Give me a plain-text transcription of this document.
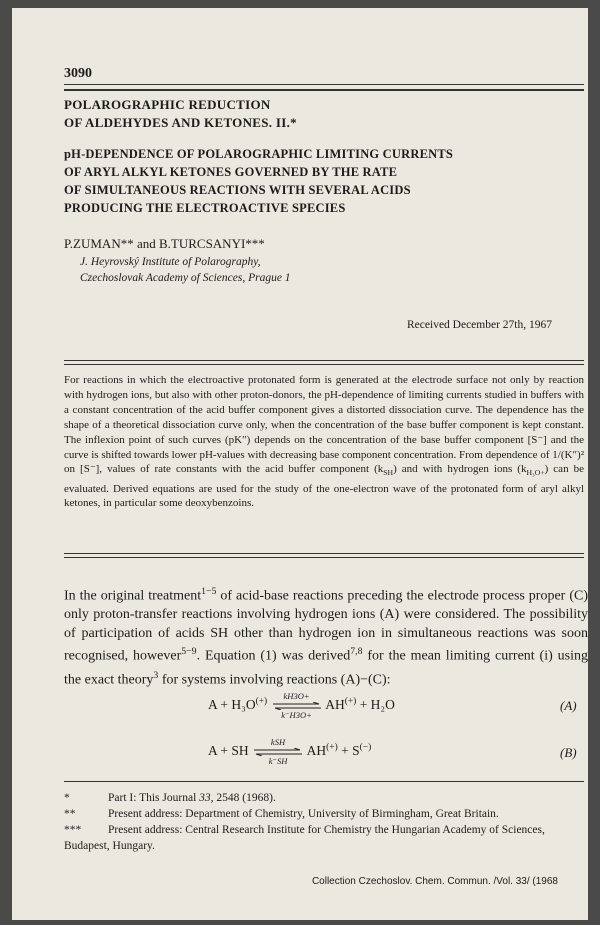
3090
POLAROGRAPHIC REDUCTION
OF ALDEHYDES AND KETONES. II.*
pH-DEPENDENCE OF POLAROGRAPHIC LIMITING CURRENTS
OF ARYL ALKYL KETONES GOVERNED BY THE RATE
OF SIMULTANEOUS REACTIONS WITH SEVERAL ACIDS
PRODUCING THE ELECTROACTIVE SPECIES
P.ZUMAN** and B.TURCSANYI***
J. Heyrovský Institute of Polarography,
Czechoslovak Academy of Sciences, Prague 1
Received December 27th, 1967
For reactions in which the electroactive protonated form is generated at the electrode surface not only by reaction with hydrogen ions, but also with other proton-donors, the pH-dependence of limiting currents studied in buffers with a constant concentration of the acid buffer component gives a distorted dissociation curve. The dependence has the shape of a theoretical dissociation curve only, when the concentration of the base buffer component is kept constant. The inflexion point of such curves (pK″) depends on the concentration of the base buffer component [S⁻] and the curve is shifted towards lower pH-values with decreasing base component concentration. From dependence of 1/(K″)² on [S⁻], values of rate constants with the acid buffer component $(k_{SH})$ and with hydrogen ions $(k_{H_3O+})$ can be evaluated. Derived equations are used for the study of the one-electron wave of the protonated form of aryl alkyl ketones, in particular some deoxybenzoins.
In the original treatment$^{1-5}$ of acid-base reactions preceding the electrode process proper (C) only proton-transfer reactions involving hydrogen ions (A) were considered. The possibility of participation of acids SH other than hydrogen ion in simultaneous reactions was soon recognised, however$^{5-9}$. Equation (1) was derived$^{7,8}$ for the mean limiting current (i) using the exact theory$^3$ for systems involving reactions (A)−(C):
A + H₃O(+)
kH3O+
k⁻H3O+
AH(+) + H₂O	(A)
A + SH
kSH
k⁻SH
AH(+) + S(−)	(B)
*	Part I: This Journal 33, 2548 (1968).
**	Present address: Department of Chemistry, University of Birmingham, Great Britain.
*** Present address: Central Research Institute for Chemistry the Hungarian Academy of Sciences, Budapest, Hungary.
Collection Czechoslov. Chem. Commun. /Vol. 33/ (1968
